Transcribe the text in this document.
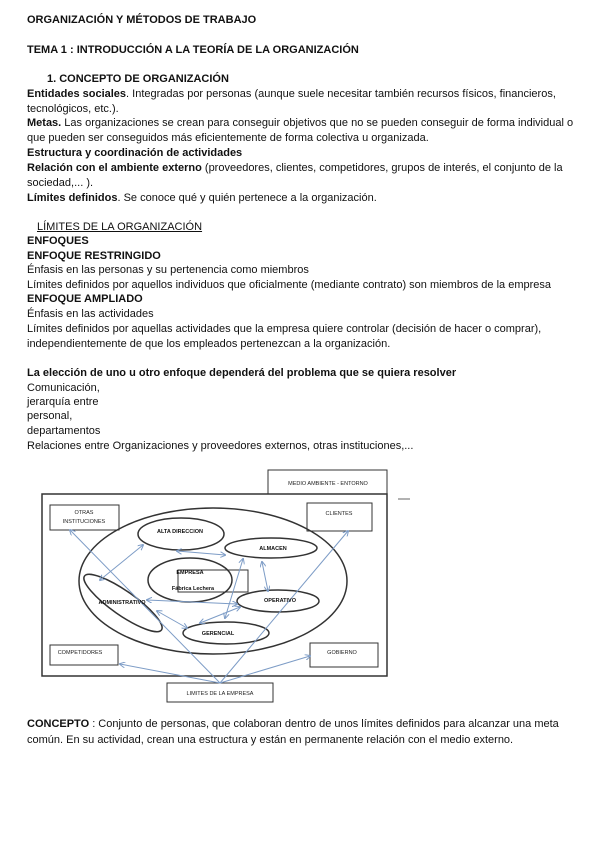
ORGANIZACIÓN Y MÉTODOS DE TRABAJO
TEMA 1 : INTRODUCCIÓN A LA TEORÍA DE LA ORGANIZACIÓN
1. CONCEPTO DE ORGANIZACIÓN
Entidades sociales. Integradas por personas (aunque suele necesitar también recursos físicos, financieros,
tecnológicos, etc.).
Metas. Las organizaciones se crean para conseguir objetivos que no se pueden conseguir de forma individual o
que pueden ser conseguidos más eficientemente de forma colectiva u organizada.
Estructura y coordinación de actividades
Relación con el ambiente externo (proveedores, clientes, competidores, grupos de interés, el conjunto de la
sociedad,... ).
Límites definidos. Se conoce qué y quién pertenece a la organización.
LÍMITES DE LA ORGANIZACIÓN
ENFOQUES
ENFOQUE RESTRINGIDO
Énfasis en las personas y su pertenencia como miembros
Límites definidos por aquellos individuos que oficialmente (mediante contrato) son miembros de la empresa
ENFOQUE AMPLIADO
Énfasis en las actividades
Límites definidos por aquellas actividades que la empresa quiere controlar (decisión de hacer o comprar),
independientemente de que los empleados pertenezcan a la organización.
La elección de uno u otro enfoque dependerá del problema que se quiera resolver
Comunicación,
jerarquía entre
personal,
departamentos
Relaciones entre Organizaciones y proveedores externos, otras instituciones,...
MEDIO AMBIENTE - ENTORNO
OTRAS
INSTITUCIONES
CLIENTES
COMPETIDORES	GOBIERNO
LIMITES DE LA EMPRESA
ALTA DIRECCION
ALMACEN
EMPRESA
Fábrica Lechera
OPERATIVO
ADMINISTRATIVO
GERENCIAL
CONCEPTO : Conjunto de personas, que colaboran dentro de unos límites definidos para alcanzar una meta
común. En su actividad, crean una estructura y están en permanente relación con el medio externo.
